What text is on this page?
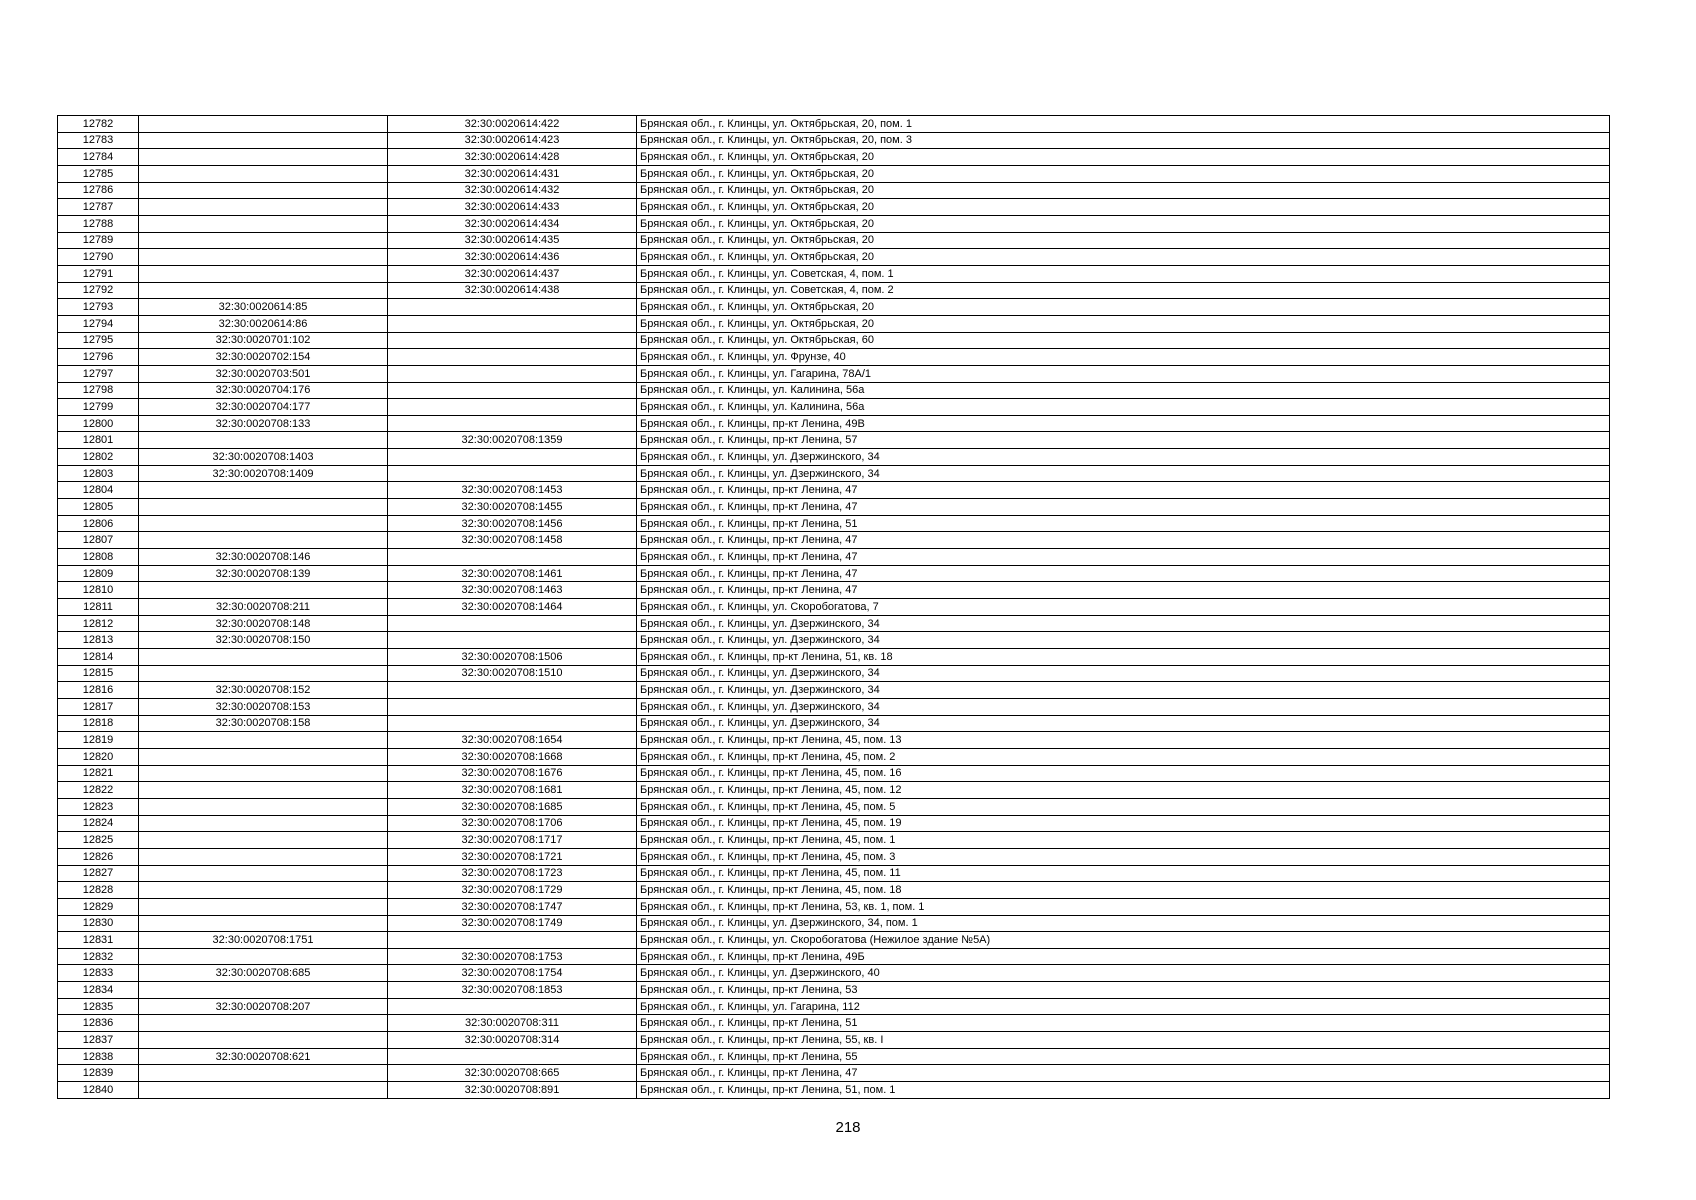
12782		32:30:0020614:422	Брянская обл., г. Клинцы, ул. Октябрьская, 20, пом. 1
12783		32:30:0020614:423	Брянская обл., г. Клинцы, ул. Октябрьская, 20, пом. 3
12784		32:30:0020614:428	Брянская обл., г. Клинцы, ул. Октябрьская, 20
12785		32:30:0020614:431	Брянская обл., г. Клинцы, ул. Октябрьская, 20
12786		32:30:0020614:432	Брянская обл., г. Клинцы, ул. Октябрьская, 20
12787		32:30:0020614:433	Брянская обл., г. Клинцы, ул. Октябрьская, 20
12788		32:30:0020614:434	Брянская обл., г. Клинцы, ул. Октябрьская, 20
12789		32:30:0020614:435	Брянская обл., г. Клинцы, ул. Октябрьская, 20
12790		32:30:0020614:436	Брянская обл., г. Клинцы, ул. Октябрьская, 20
12791		32:30:0020614:437	Брянская обл., г. Клинцы, ул. Советская, 4, пом. 1
12792		32:30:0020614:438	Брянская обл., г. Клинцы, ул. Советская, 4, пом. 2
12793	32:30:0020614:85		Брянская обл., г. Клинцы, ул. Октябрьская, 20
12794	32:30:0020614:86		Брянская обл., г. Клинцы, ул. Октябрьская, 20
12795	32:30:0020701:102		Брянская обл., г. Клинцы, ул. Октябрьская, 60
12796	32:30:0020702:154		Брянская обл., г. Клинцы, ул. Фрунзе, 40
12797	32:30:0020703:501		Брянская обл., г. Клинцы, ул. Гагарина, 78А/1
12798	32:30:0020704:176		Брянская обл., г. Клинцы, ул. Калинина, 56а
12799	32:30:0020704:177		Брянская обл., г. Клинцы, ул. Калинина, 56а
12800	32:30:0020708:133		Брянская обл., г. Клинцы, пр-кт Ленина, 49В
12801		32:30:0020708:1359	Брянская обл., г. Клинцы, пр-кт Ленина, 57
12802	32:30:0020708:1403		Брянская обл., г. Клинцы, ул. Дзержинского, 34
12803	32:30:0020708:1409		Брянская обл., г. Клинцы, ул. Дзержинского, 34
12804		32:30:0020708:1453	Брянская обл., г. Клинцы, пр-кт Ленина, 47
12805		32:30:0020708:1455	Брянская обл., г. Клинцы, пр-кт Ленина, 47
12806		32:30:0020708:1456	Брянская обл., г. Клинцы, пр-кт Ленина, 51
12807		32:30:0020708:1458	Брянская обл., г. Клинцы, пр-кт Ленина, 47
12808	32:30:0020708:146		Брянская обл., г. Клинцы, пр-кт Ленина, 47
12809	32:30:0020708:139	32:30:0020708:1461	Брянская обл., г. Клинцы, пр-кт Ленина, 47
12810		32:30:0020708:1463	Брянская обл., г. Клинцы, пр-кт Ленина, 47
12811	32:30:0020708:211	32:30:0020708:1464	Брянская обл., г. Клинцы, ул. Скоробогатова, 7
12812	32:30:0020708:148		Брянская обл., г. Клинцы, ул. Дзержинского, 34
12813	32:30:0020708:150		Брянская обл., г. Клинцы, ул. Дзержинского, 34
12814		32:30:0020708:1506	Брянская обл., г. Клинцы, пр-кт Ленина, 51, кв. 18
12815		32:30:0020708:1510	Брянская обл., г. Клинцы, ул. Дзержинского, 34
12816	32:30:0020708:152		Брянская обл., г. Клинцы, ул. Дзержинского, 34
12817	32:30:0020708:153		Брянская обл., г. Клинцы, ул. Дзержинского, 34
12818	32:30:0020708:158		Брянская обл., г. Клинцы, ул. Дзержинского, 34
12819		32:30:0020708:1654	Брянская обл., г. Клинцы, пр-кт Ленина, 45, пом. 13
12820		32:30:0020708:1668	Брянская обл., г. Клинцы, пр-кт Ленина, 45, пом. 2
12821		32:30:0020708:1676	Брянская обл., г. Клинцы, пр-кт Ленина, 45, пом. 16
12822		32:30:0020708:1681	Брянская обл., г. Клинцы, пр-кт Ленина, 45, пом. 12
12823		32:30:0020708:1685	Брянская обл., г. Клинцы, пр-кт Ленина, 45, пом. 5
12824		32:30:0020708:1706	Брянская обл., г. Клинцы, пр-кт Ленина, 45, пом. 19
12825		32:30:0020708:1717	Брянская обл., г. Клинцы, пр-кт Ленина, 45, пом. 1
12826		32:30:0020708:1721	Брянская обл., г. Клинцы, пр-кт Ленина, 45, пом. 3
12827		32:30:0020708:1723	Брянская обл., г. Клинцы, пр-кт Ленина, 45, пом. 11
12828		32:30:0020708:1729	Брянская обл., г. Клинцы, пр-кт Ленина, 45, пом. 18
12829		32:30:0020708:1747	Брянская обл., г. Клинцы, пр-кт Ленина, 53, кв. 1, пом. 1
12830		32:30:0020708:1749	Брянская обл., г. Клинцы, ул. Дзержинского, 34, пом. 1
12831	32:30:0020708:1751		Брянская обл., г. Клинцы, ул. Скоробогатова (Нежилое здание №5А)
12832		32:30:0020708:1753	Брянская обл., г. Клинцы, пр-кт Ленина, 49Б
12833	32:30:0020708:685	32:30:0020708:1754	Брянская обл., г. Клинцы, ул. Дзержинского, 40
12834		32:30:0020708:1853	Брянская обл., г. Клинцы, пр-кт Ленина, 53
12835	32:30:0020708:207		Брянская обл., г. Клинцы, ул. Гагарина, 112
12836		32:30:0020708:311	Брянская обл., г. Клинцы, пр-кт Ленина, 51
12837		32:30:0020708:314	Брянская обл., г. Клинцы, пр-кт Ленина, 55, кв. I
12838	32:30:0020708:621		Брянская обл., г. Клинцы, пр-кт Ленина, 55
12839		32:30:0020708:665	Брянская обл., г. Клинцы, пр-кт Ленина, 47
12840		32:30:0020708:891	Брянская обл., г. Клинцы, пр-кт Ленина, 51, пом. 1
218
